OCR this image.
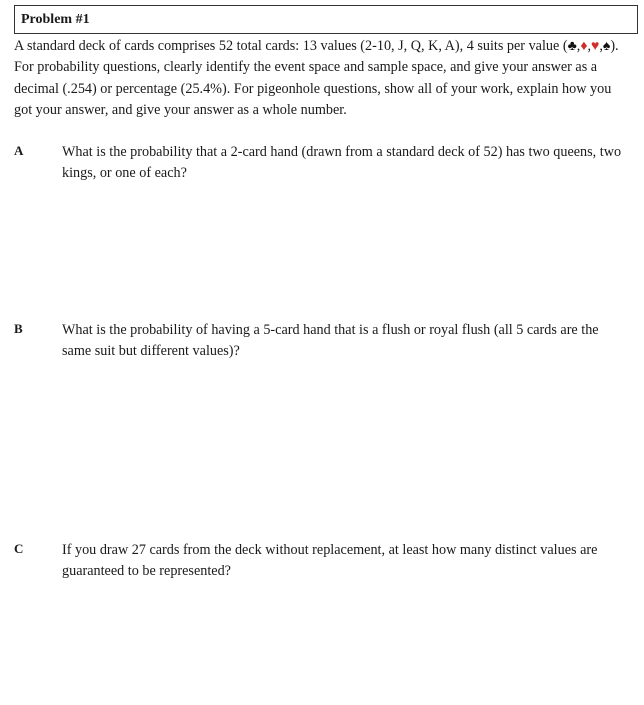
Problem #1
A standard deck of cards comprises 52 total cards: 13 values (2-10, J, Q, K, A), 4 suits per value (♣,♦,♥,♠). For probability questions, clearly identify the event space and sample space, and give your answer as a decimal (.254) or percentage (25.4%). For pigeonhole questions, show all of your work, explain how you got your answer, and give your answer as a whole number.
A	What is the probability that a 2-card hand (drawn from a standard deck of 52) has two queens, two kings, or one of each?
B	What is the probability of having a 5-card hand that is a flush or royal flush (all 5 cards are the same suit but different values)?
C	If you draw 27 cards from the deck without replacement, at least how many distinct values are guaranteed to be represented?
